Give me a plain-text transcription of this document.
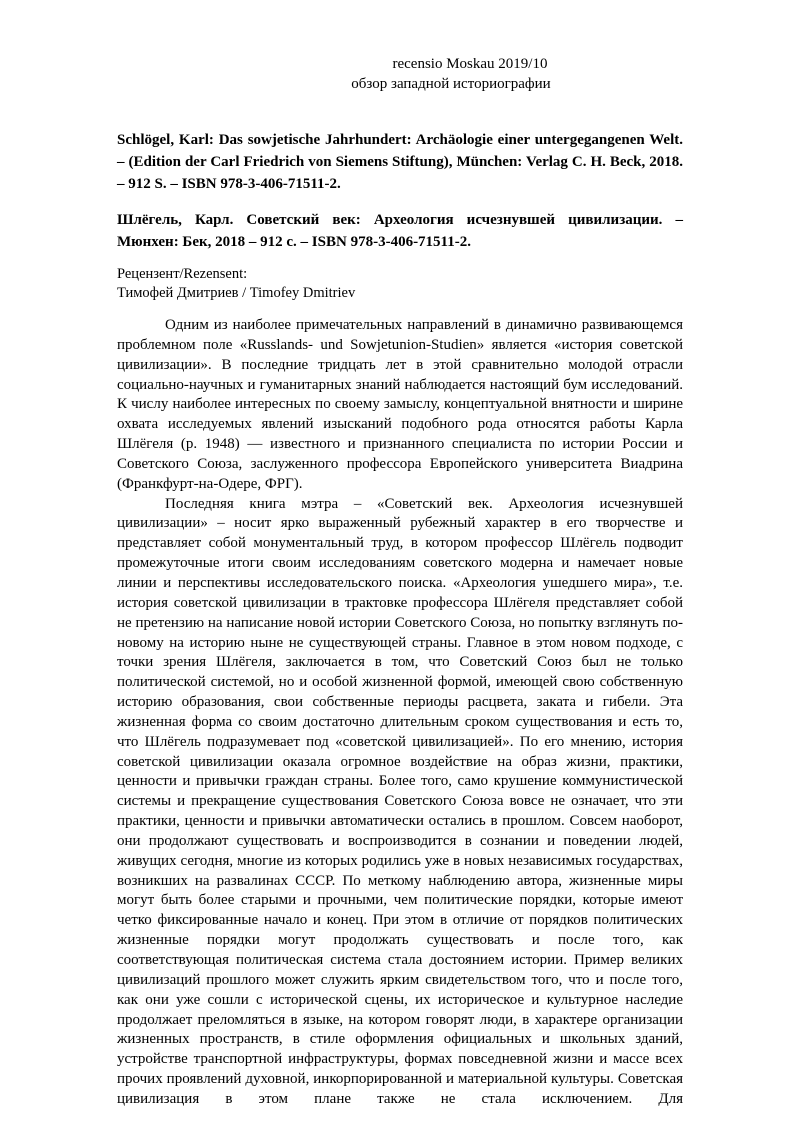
recensio Moskau 2019/10
обзор западной историографии
Schlögel, Karl: Das sowjetische Jahrhundert: Archäologie einer untergegangenen Welt. – (Edition der Carl Friedrich von Siemens Stiftung), München: Verlag C. H. Beck, 2018. – 912 S. – ISBN 978-3-406-71511-2.
Шлёгель, Карл. Советский век: Археология исчезнувшей цивилизации. – Мюнхен: Бек, 2018 – 912 с. – ISBN 978-3-406-71511-2.
Рецензент/Rezensent:
Тимофей Дмитриев / Timofey Dmitriev

Одним из наиболее примечательных направлений в динамично развивающемся проблемном поле «Russlands- und Sowjetunion-Studien» является «история советской цивилизации». В последние тридцать лет в этой сравнительно молодой отрасли социально-научных и гуманитарных знаний наблюдается настоящий бум исследований. К числу наиболее интересных по своему замыслу, концептуальной внятности и ширине охвата исследуемых явлений изысканий подобного рода относятся работы Карла Шлёгеля (р. 1948) — известного и признанного специалиста по истории России и Советского Союза, заслуженного профессора Европейского университета Виадрина (Франкфурт-на-Одере, ФРГ).

Последняя книга мэтра – «Советский век. Археология исчезнувшей цивилизации» – носит ярко выраженный рубежный характер в его творчестве и представляет собой монументальный труд, в котором профессор Шлёгель подводит промежуточные итоги своим исследованиям советского модерна и намечает новые линии и перспективы исследовательского поиска. «Археология ушедшего мира», т.е. история советской цивилизации в трактовке профессора Шлёгеля представляет собой не претензию на написание новой истории Советского Союза, но попытку взглянуть по-новому на историю ныне не существующей страны. Главное в этом новом подходе, с точки зрения Шлёгеля, заключается в том, что Советский Союз был не только политической системой, но и особой жизненной формой, имеющей свою собственную историю образования, свои собственные периоды расцвета, заката и гибели. Эта жизненная форма со своим достаточно длительным сроком существования и есть то, что Шлёгель подразумевает под «советской цивилизацией». По его мнению, история советской цивилизации оказала огромное воздействие на образ жизни, практики, ценности и привычки граждан страны. Более того, само крушение коммунистической системы и прекращение существования Советского Союза вовсе не означает, что эти практики, ценности и привычки автоматически остались в прошлом. Совсем наоборот, они продолжают существовать и воспроизводится в сознании и поведении людей, живущих сегодня, многие из которых родились уже в новых независимых государствах, возникших на развалинах СССР. По меткому наблюдению автора, жизненные миры могут быть более старыми и прочными, чем политические порядки, которые имеют четко фиксированные начало и конец. При этом в отличие от порядков политических жизненные порядки могут продолжать существовать и после того, как соответствующая политическая система стала достоянием истории. Пример великих цивилизаций прошлого может служить ярким свидетельством того, что и после того, как они уже сошли с исторической сцены, их историческое и культурное наследие продолжает преломляться в языке, на котором говорят люди, в характере организации жизненных пространств, в стиле оформления официальных и школьных зданий, устройстве транспортной инфраструктуры, формах повседневной жизни и массе всех прочих проявлений духовной, инкорпорированной и материальной культуры. Советская цивилизация в этом плане также не стала исключением. Для
